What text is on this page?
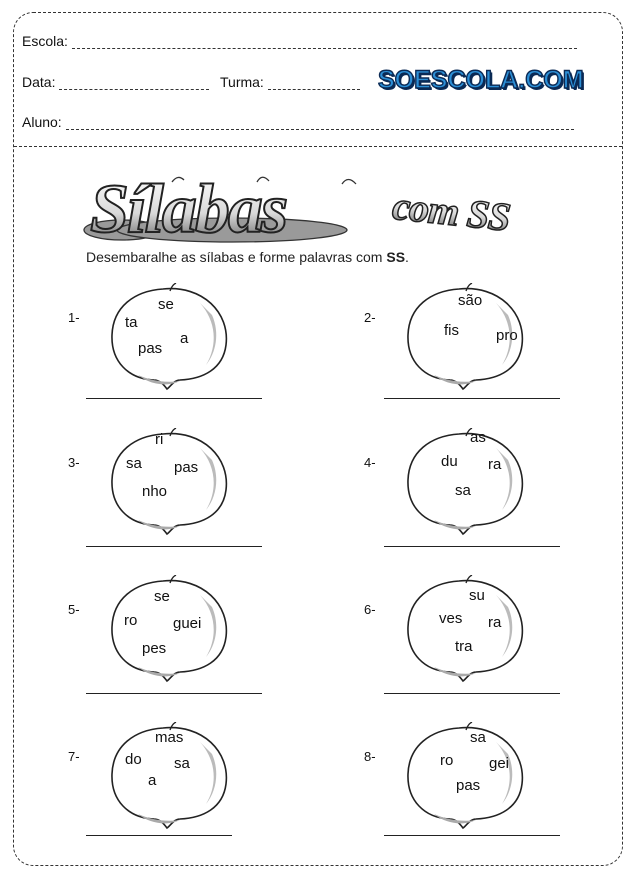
Escola:
Data:	Turma:	SOESCOLA.COM
Aluno:
Sílabas	com SS
Desembaralhe as sílabas e forme palavras com SS.
1-
se
ta
a
pas
2-
são
fis pro
3-
ri
sa pas
nho
4-
as
du ra
sa
5-
se
ro guei
pes
6-
su
ves ra
tra
7-
mas
do sa
a
8-
sa
ro gei
pas
